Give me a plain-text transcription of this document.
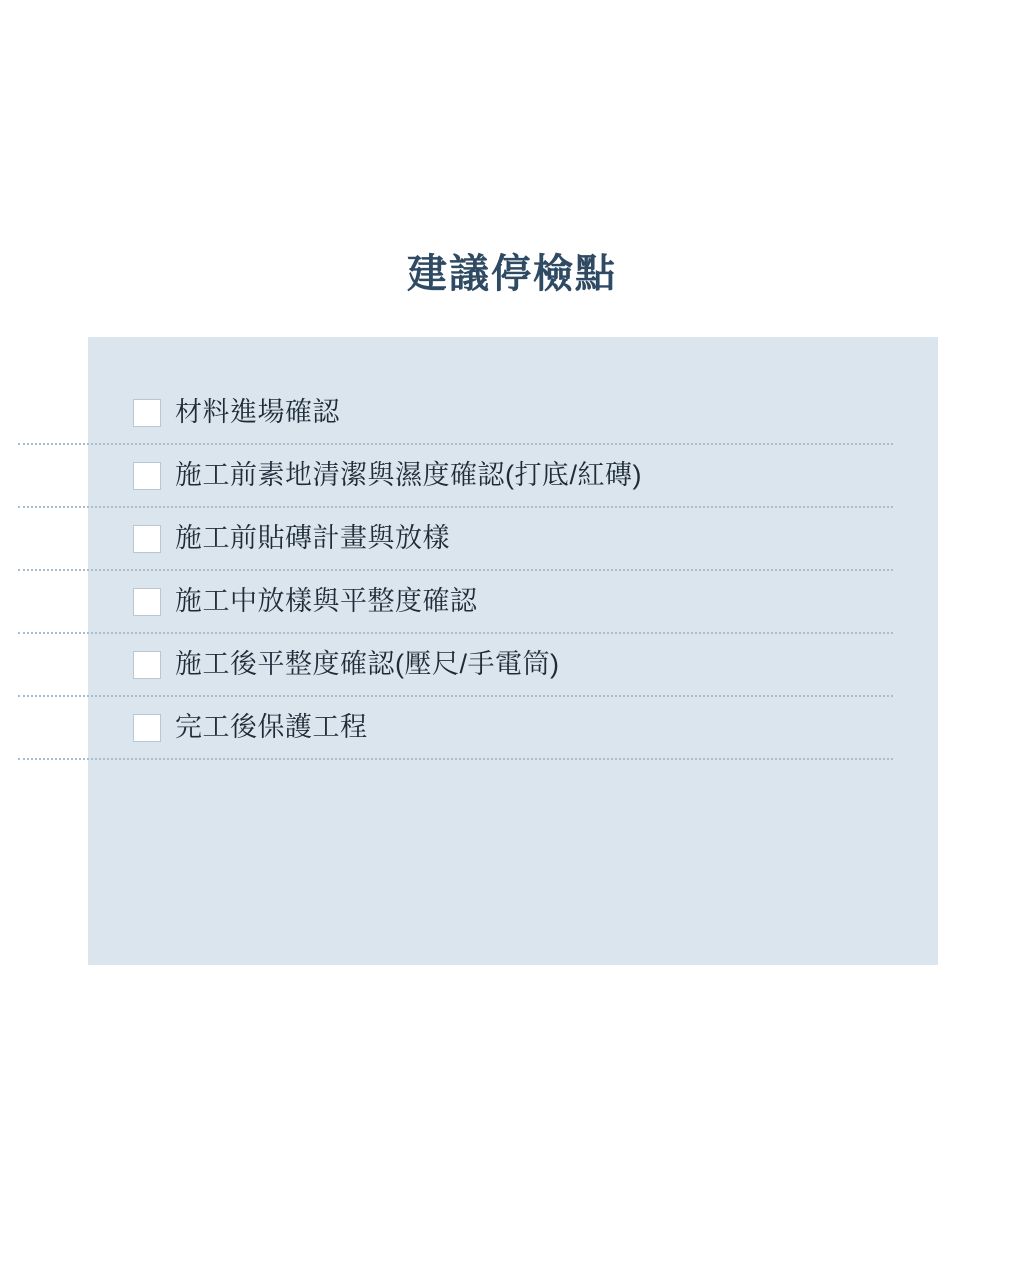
建議停檢點
材料進場確認
施工前素地清潔與濕度確認(打底/紅磚)
施工前貼磚計畫與放樣
施工中放樣與平整度確認
施工後平整度確認(壓尺/手電筒)
完工後保護工程
